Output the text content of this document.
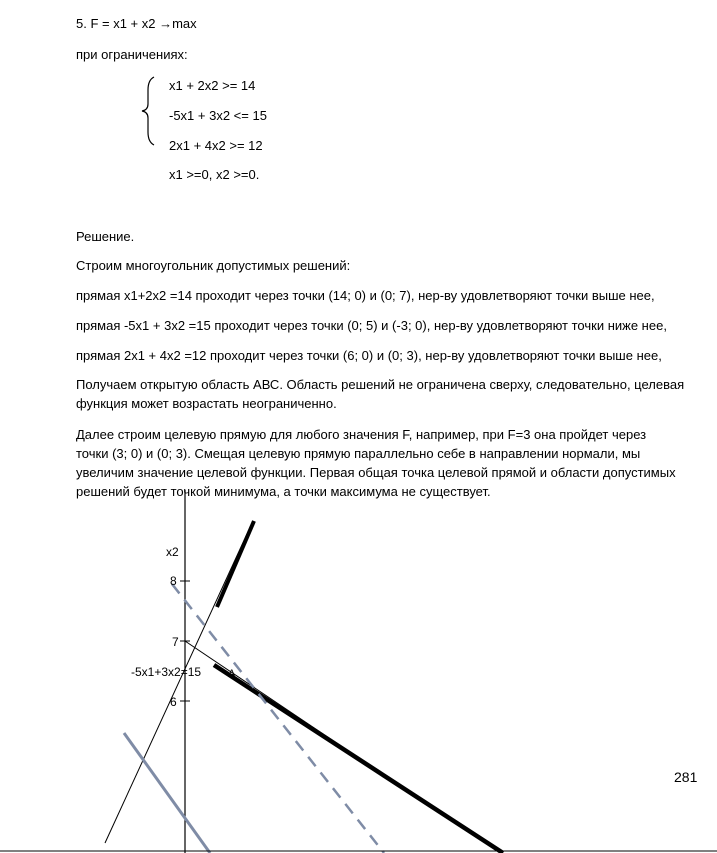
5. F = x1 + x2 →max
при ограничениях:
x1 + 2x2 >= 14
-5x1 + 3x2 <= 15
2x1 + 4x2 >= 12
x1 >=0, x2 >=0.
Решение.
Строим многоугольник допустимых решений:
прямая x1+2x2 =14 проходит через точки (14; 0) и (0; 7), нер-ву удовлетворяют точки выше нее,
прямая -5x1 + 3x2 =15 проходит через точки (0; 5) и (-3; 0), нер-ву удовлетворяют точки ниже нее,
прямая 2x1 + 4x2 =12 проходит через точки (6; 0) и (0; 3), нер-ву удовлетворяют точки выше нее,
Получаем открытую область АВС. Область решений не ограничена сверху, следовательно, целевая
функция может возрастать неограниченно.
Далее строим целевую прямую для любого значения F, например, при F=3 она пройдет через
точки (3; 0) и (0; 3). Смещая целевую прямую параллельно себе в направлении нормали, мы
увеличим значение целевой функции. Первая общая точка целевой прямой и области допустимых
решений будет точкой минимума, а точки максимума не существует.
x2
8
7
6
-5x1+3x2=15 A
281
